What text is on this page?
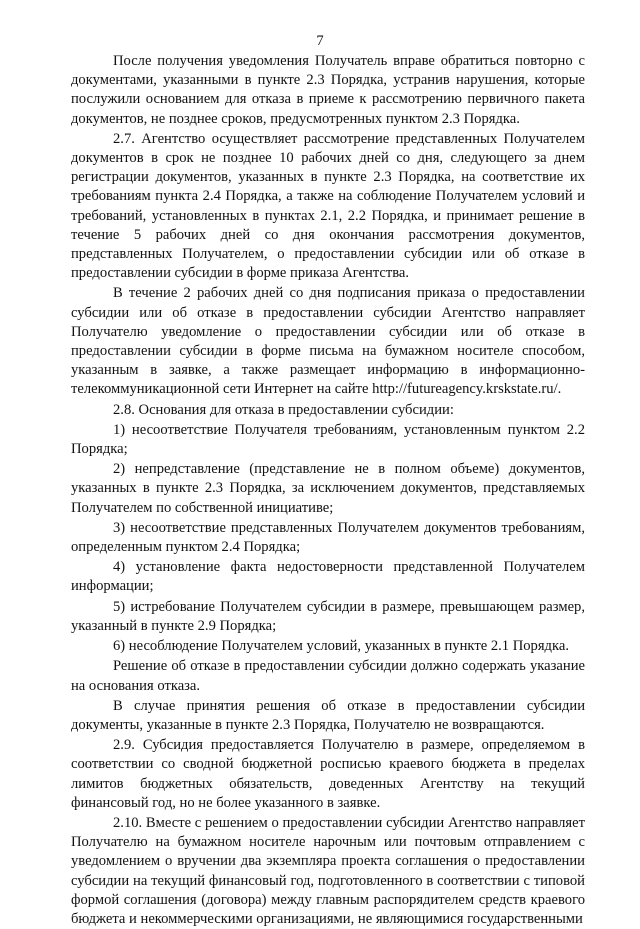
7

После получения уведомления Получатель вправе обратиться повторно с документами, указанными в пункте 2.3 Порядка, устранив нарушения, которые послужили основанием для отказа в приеме к рассмотрению первичного пакета документов, не позднее сроков, предусмотренных пунктом 2.3 Порядка.

2.7. Агентство осуществляет рассмотрение представленных Получателем документов в срок не позднее 10 рабочих дней со дня, следующего за днем регистрации документов, указанных в пункте 2.3 Порядка, на соответствие их требованиям пункта 2.4 Порядка, а также на соблюдение Получателем условий и требований, установленных в пунктах 2.1, 2.2 Порядка, и принимает решение в течение 5 рабочих дней со дня окончания рассмотрения документов, представленных Получателем, о предоставлении субсидии или об отказе в предоставлении субсидии в форме приказа Агентства.

В течение 2 рабочих дней со дня подписания приказа о предоставлении субсидии или об отказе в предоставлении субсидии Агентство направляет Получателю уведомление о предоставлении субсидии или об отказе в предоставлении субсидии в форме письма на бумажном носителе способом, указанным в заявке, а также размещает информацию в информационно-телекоммуникационной сети Интернет на сайте http://futureagency.krskstate.ru/.

2.8. Основания для отказа в предоставлении субсидии:

1) несоответствие Получателя требованиям, установленным пунктом 2.2 Порядка;

2) непредставление (представление не в полном объеме) документов, указанных в пункте 2.3 Порядка, за исключением документов, представляемых Получателем по собственной инициативе;

3) несоответствие представленных Получателем документов требованиям, определенным пунктом 2.4 Порядка;

4) установление факта недостоверности представленной Получателем информации;

5) истребование Получателем субсидии в размере, превышающем размер, указанный в пункте 2.9 Порядка;

6) несоблюдение Получателем условий, указанных в пункте 2.1 Порядка.

Решение об отказе в предоставлении субсидии должно содержать указание на основания отказа.

В случае принятия решения об отказе в предоставлении субсидии документы, указанные в пункте 2.3 Порядка, Получателю не возвращаются.

2.9. Субсидия предоставляется Получателю в размере, определяемом в соответствии со сводной бюджетной росписью краевого бюджета в пределах лимитов бюджетных обязательств, доведенных Агентству на текущий финансовый год, но не более указанного в заявке.

2.10. Вместе с решением о предоставлении субсидии Агентство направляет Получателю на бумажном носителе нарочным или почтовым отправлением с уведомлением о вручении два экземпляра проекта соглашения о предоставлении субсидии на текущий финансовый год, подготовленного в соответствии с типовой формой соглашения (договора) между главным распорядителем средств краевого бюджета и некоммерческими организациями, не являющимися государственными
